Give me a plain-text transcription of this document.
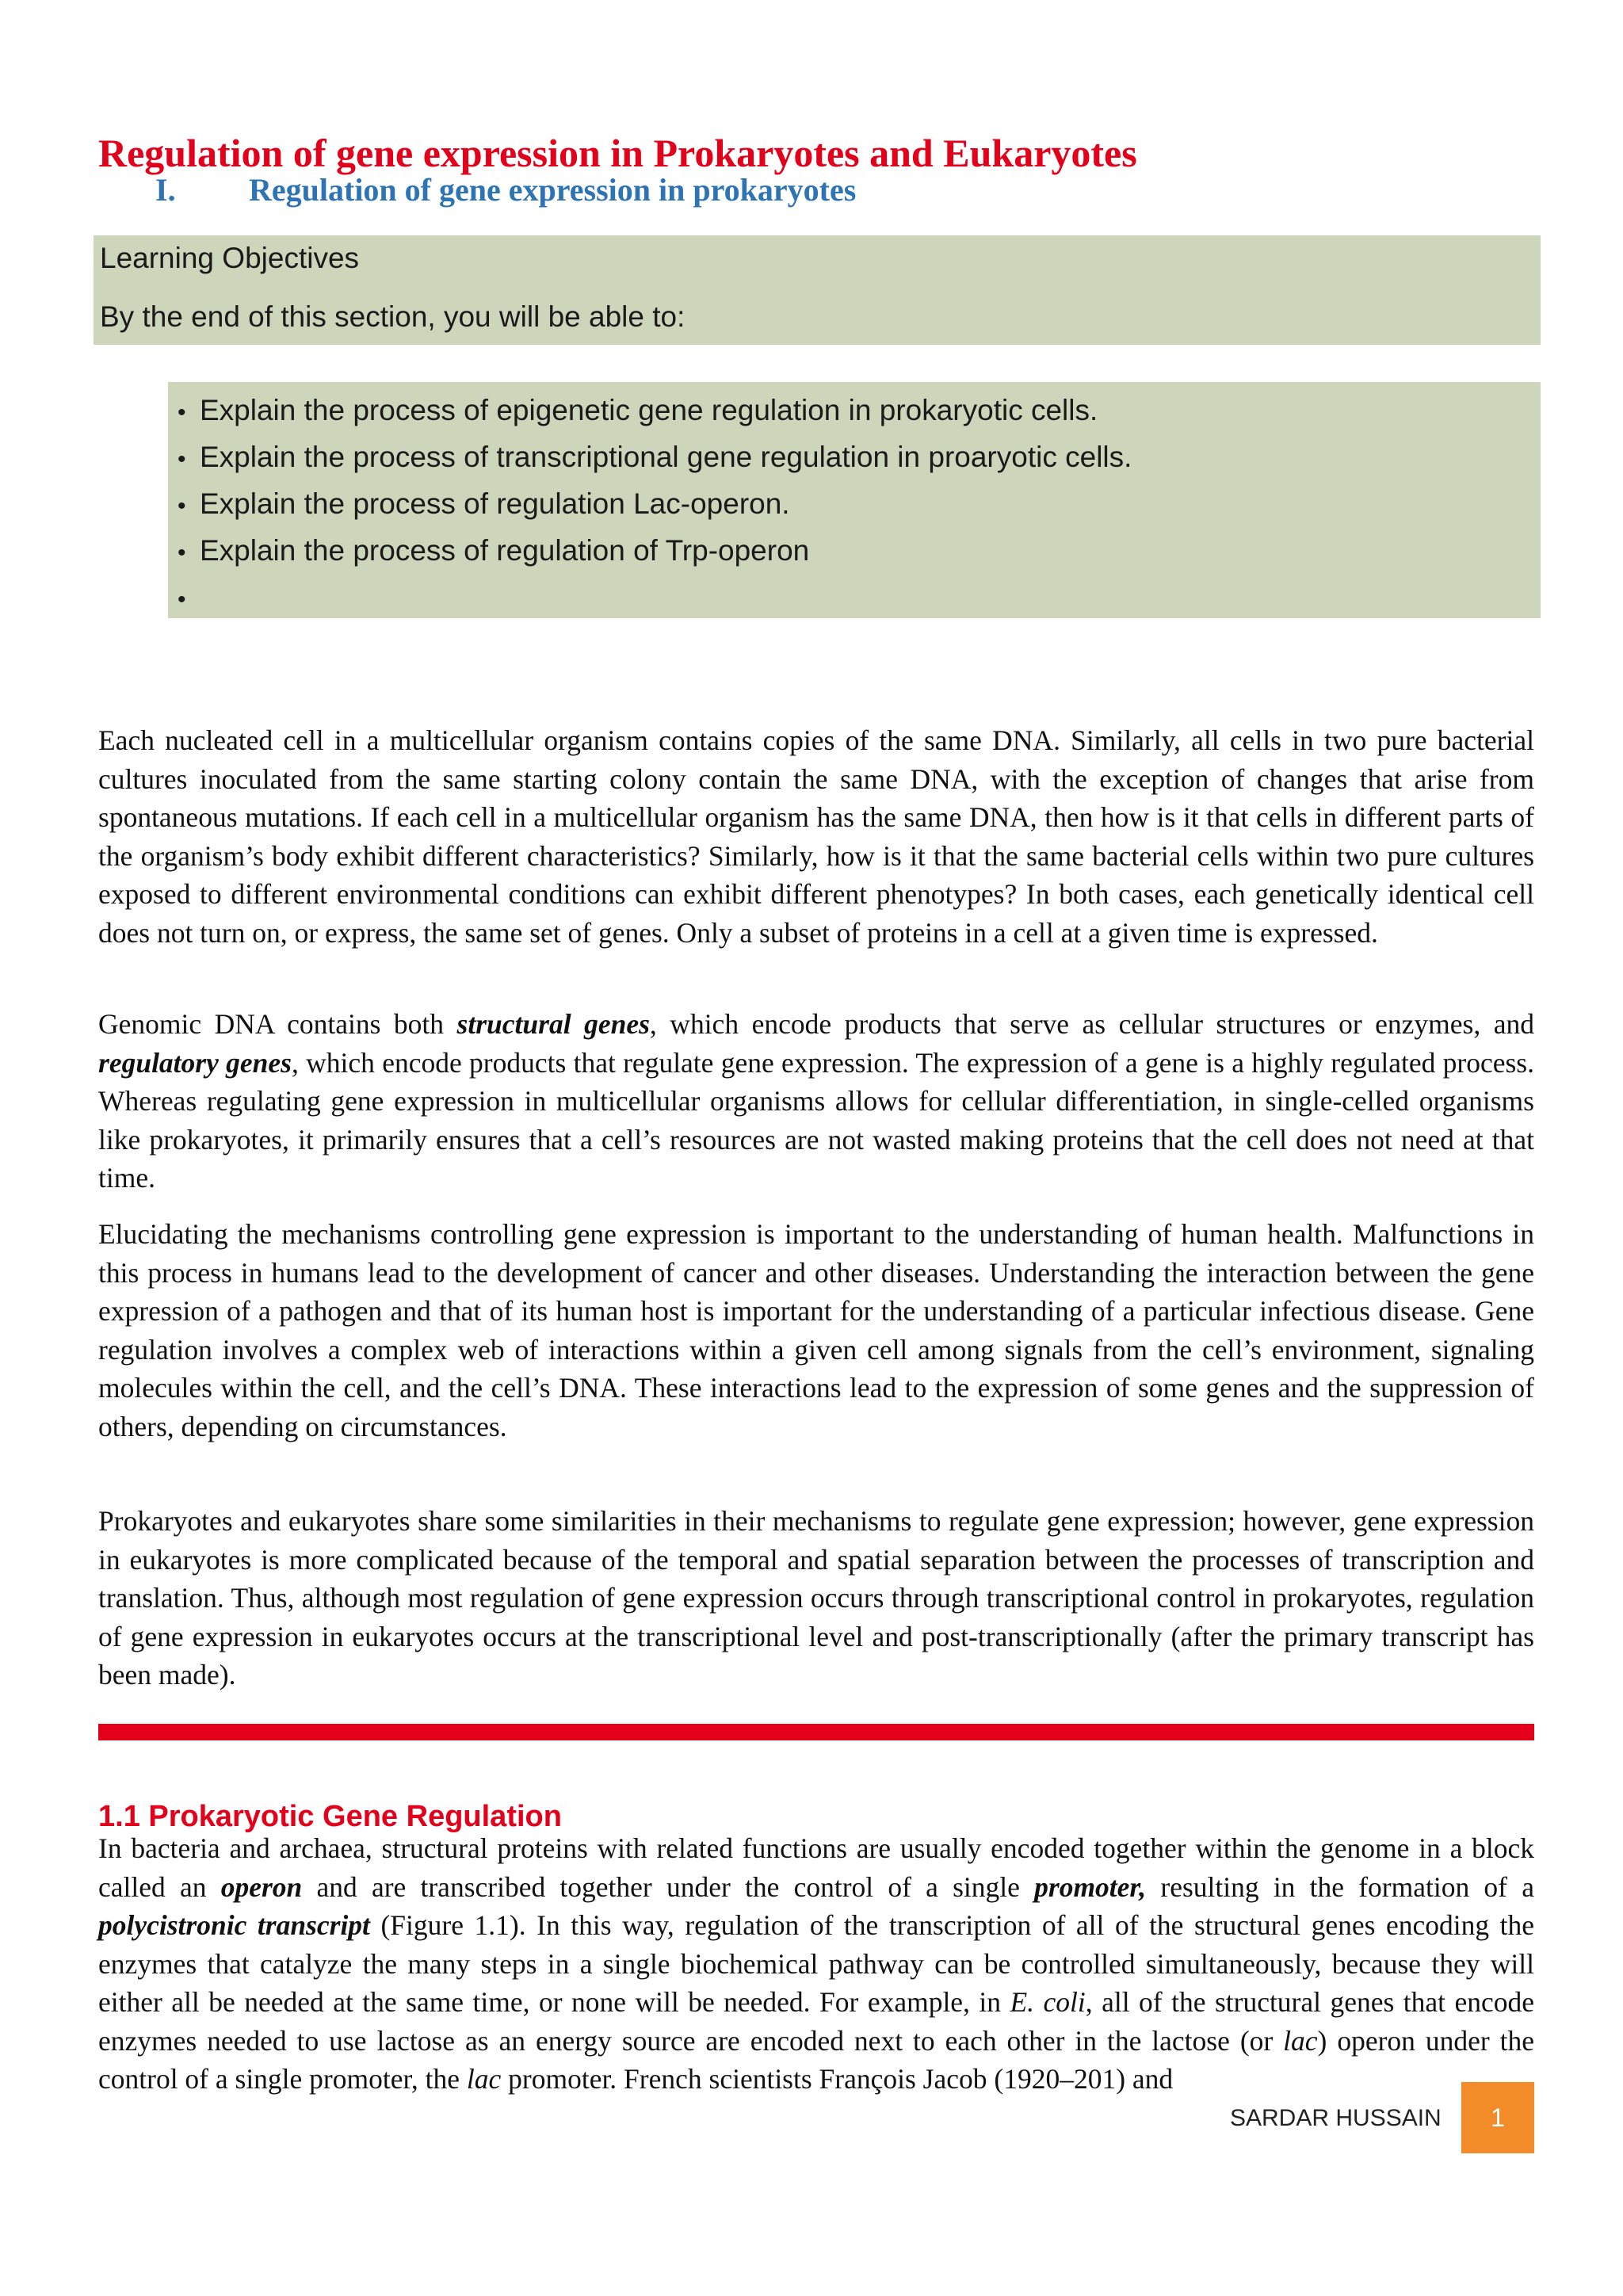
Regulation of gene expression in Prokaryotes and Eukaryotes
I. Regulation of gene expression in prokaryotes
Learning Objectives
By the end of this section, you will be able to:
• Explain the process of epigenetic gene regulation in prokaryotic cells.
• Explain the process of transcriptional gene regulation in proaryotic cells.
• Explain the process of regulation Lac-operon.
• Explain the process of regulation of Trp-operon
•

Each nucleated cell in a multicellular organism contains copies of the same DNA. Similarly, all cells in two pure bacterial cultures inoculated from the same starting colony contain the same DNA, with the exception of changes that arise from spontaneous mutations. If each cell in a multicellular organism has the same DNA, then how is it that cells in different parts of the organism’s body exhibit different characteristics? Similarly, how is it that the same bacterial cells within two pure cultures exposed to different environmental conditions can exhibit different phenotypes? In both cases, each genetically identical cell does not turn on, or express, the same set of genes. Only a subset of proteins in a cell at a given time is expressed.

Genomic DNA contains both structural genes, which encode products that serve as cellular structures or enzymes, and regulatory genes, which encode products that regulate gene expression. The expression of a gene is a highly regulated process. Whereas regulating gene expression in multicellular organisms allows for cellular differentiation, in single-celled organisms like prokaryotes, it primarily ensures that a cell’s resources are not wasted making proteins that the cell does not need at that time.

Elucidating the mechanisms controlling gene expression is important to the understanding of human health. Malfunctions in this process in humans lead to the development of cancer and other diseases. Understanding the interaction between the gene expression of a pathogen and that of its human host is important for the understanding of a particular infectious disease. Gene regulation involves a complex web of interactions within a given cell among signals from the cell’s environment, signaling molecules within the cell, and the cell’s DNA. These interactions lead to the expression of some genes and the suppression of others, depending on circumstances.

Prokaryotes and eukaryotes share some similarities in their mechanisms to regulate gene expression; however, gene expression in eukaryotes is more complicated because of the temporal and spatial separation between the processes of transcription and translation. Thus, although most regulation of gene expression occurs through transcriptional control in prokaryotes, regulation of gene expression in eukaryotes occurs at the transcriptional level and post-transcriptionally (after the primary transcript has been made).

1.1 Prokaryotic Gene Regulation

In bacteria and archaea, structural proteins with related functions are usually encoded together within the genome in a block called an operon and are transcribed together under the control of a single promoter, resulting in the formation of a polycistronic transcript (Figure 1.1). In this way, regulation of the transcription of all of the structural genes encoding the enzymes that catalyze the many steps in a single biochemical pathway can be controlled simultaneously, because they will either all be needed at the same time, or none will be needed. For example, in E. coli, all of the structural genes that encode enzymes needed to use lactose as an energy source are encoded next to each other in the lactose (or lac) operon under the control of a single promoter, the lac promoter. French scientists François Jacob (1920–201) and

SARDAR HUSSAIN	1
